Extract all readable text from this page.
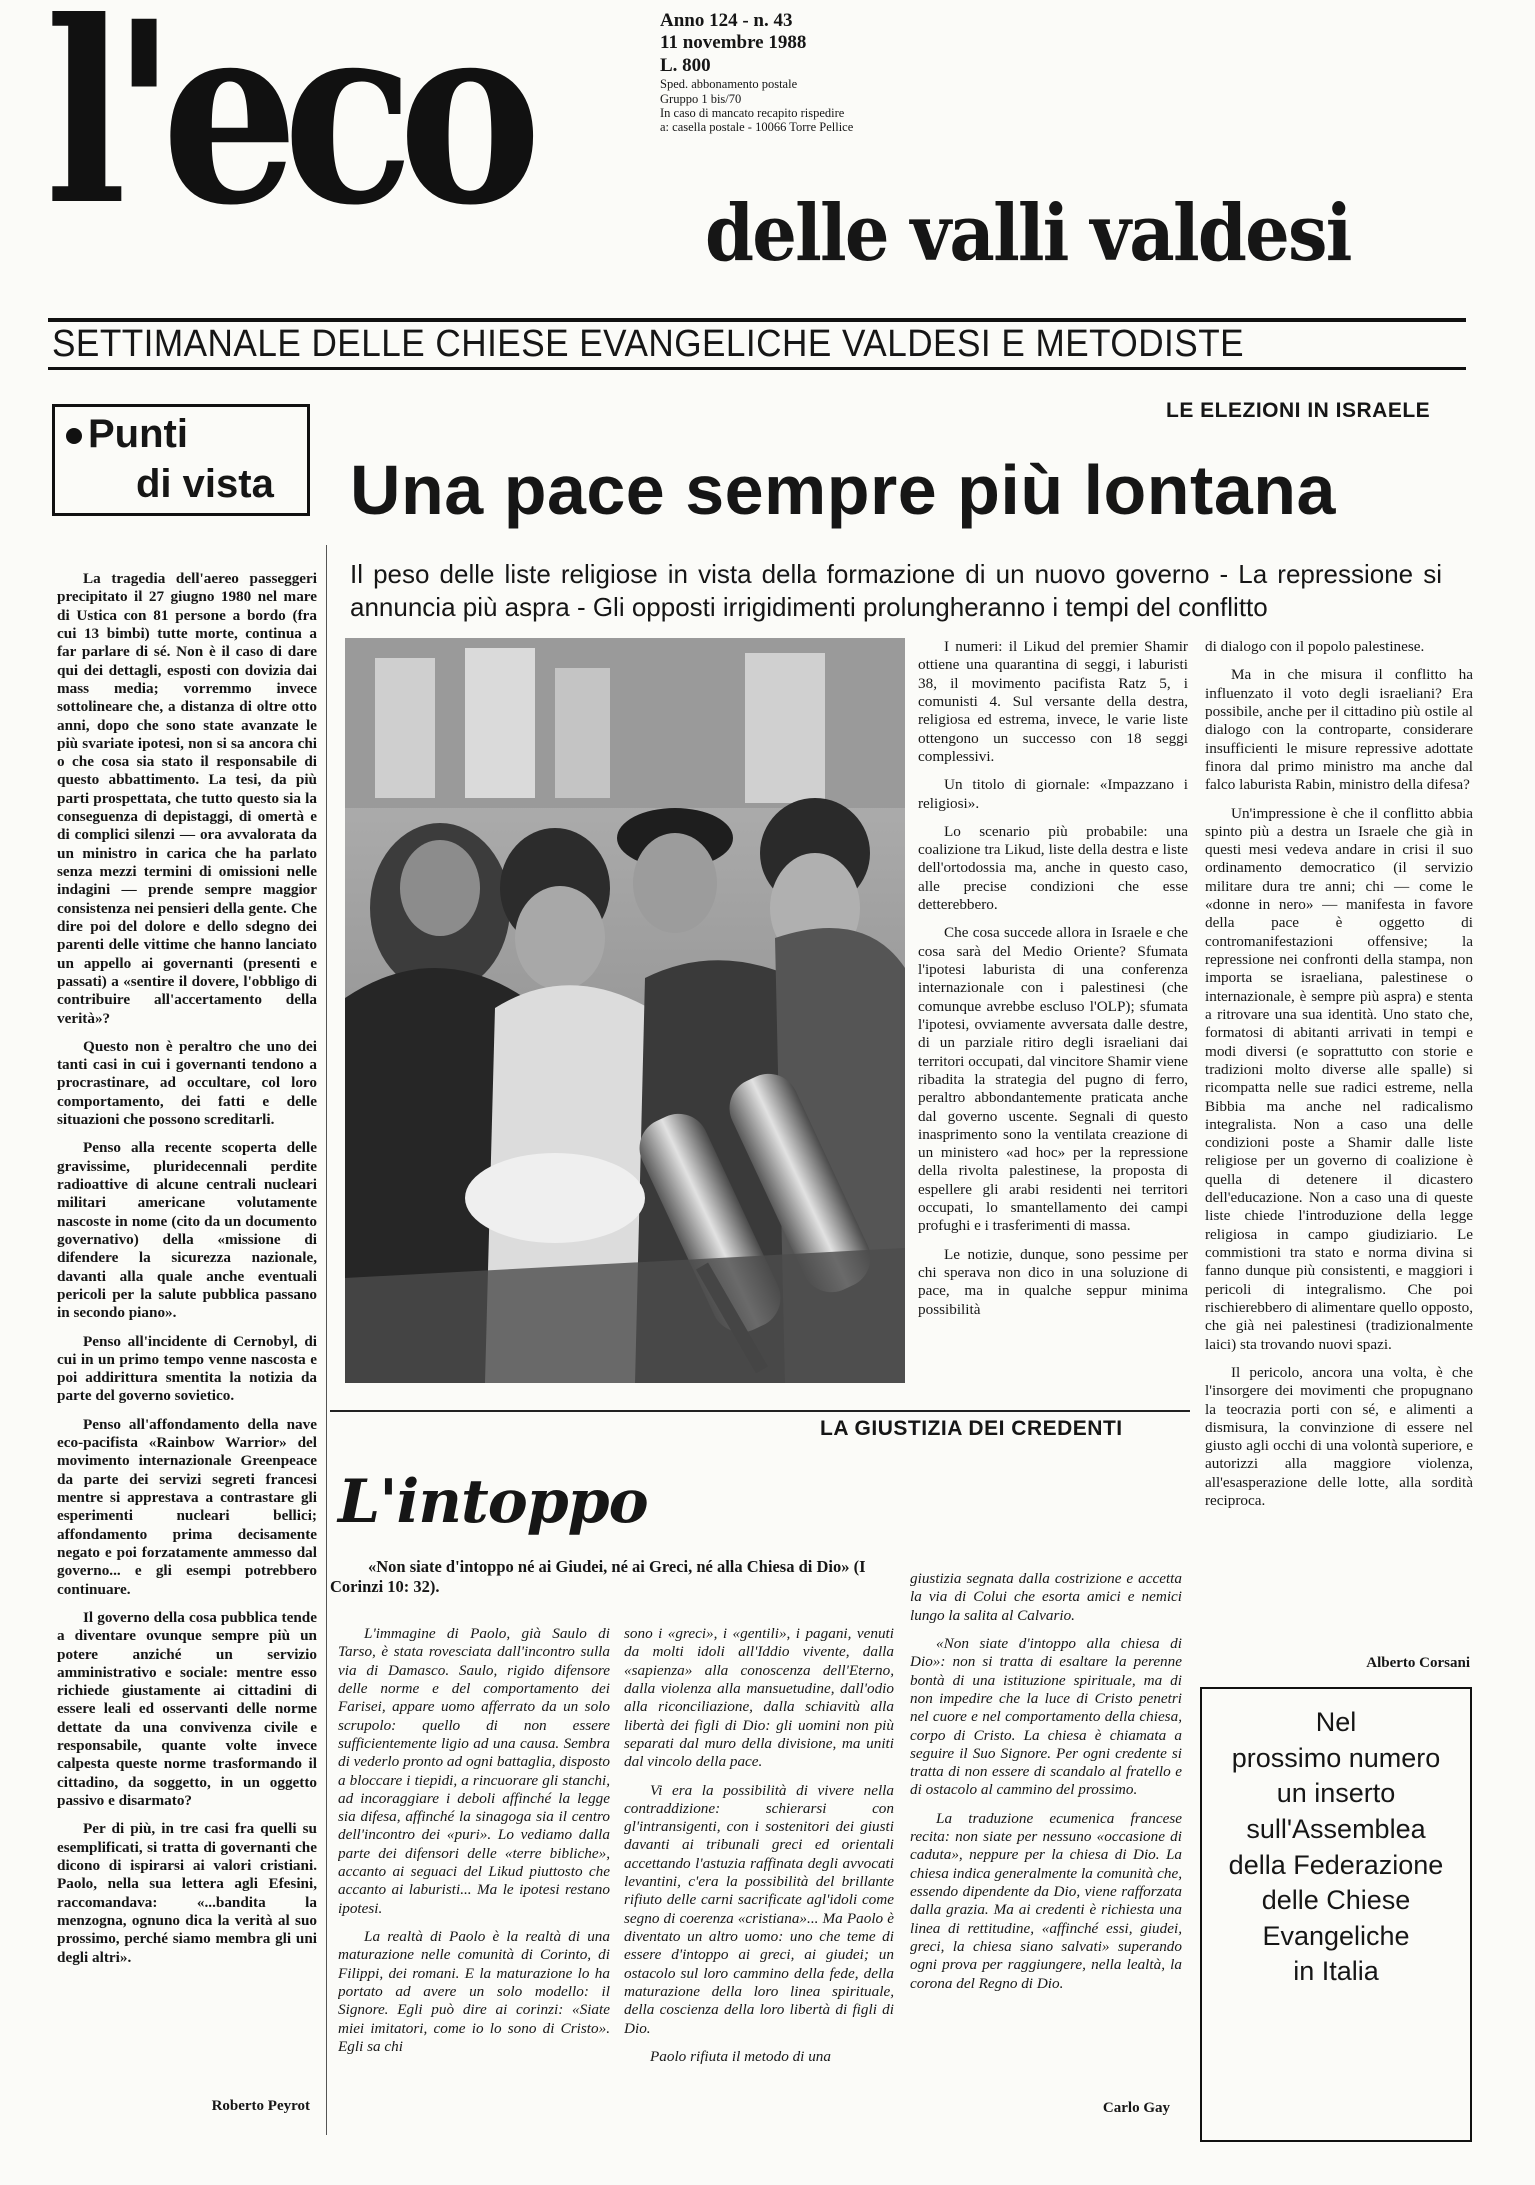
l'eco delle valli valdesi
Anno 124 - n. 43
11 novembre 1988
L. 800
Sped. abbonamento postale
Gruppo 1 bis/70
In caso di mancato recapito rispedire
a: casella postale - 10066 Torre Pellice
SETTIMANALE DELLE CHIESE EVANGELICHE VALDESI E METODISTE
Punti
di vista
LE ELEZIONI IN ISRAELE
Una pace sempre più lontana
Il peso delle liste religiose in vista della formazione di un nuovo governo - La repressione si annuncia più aspra - Gli opposti irrigidimenti prolungheranno i tempi del conflitto

La tragedia dell'aereo passeggeri precipitato il 27 giugno 1980 nel mare di Ustica con 81 persone a bordo (fra cui 13 bimbi) tutte morte, continua a far parlare di sé. Non è il caso di dare qui dei dettagli, esposti con dovizia dai mass media; vorremmo invece sottolineare che, a distanza di oltre otto anni, dopo che sono state avanzate le più svariate ipotesi, non si sa ancora chi o che cosa sia stato il responsabile di questo abbattimento. La tesi, da più parti prospettata, che tutto questo sia la conseguenza di depistaggi, di omertà e di complici silenzi — ora avvalorata da un ministro in carica che ha parlato senza mezzi termini di omissioni nelle indagini — prende sempre maggior consistenza nei pensieri della gente. Che dire poi del dolore e dello sdegno dei parenti delle vittime che hanno lanciato un appello ai governanti (presenti e passati) a «sentire il dovere, l'obbligo di contribuire all'accertamento della verità»?

Questo non è peraltro che uno dei tanti casi in cui i governanti tendono a procrastinare, ad occultare, col loro comportamento, dei fatti e delle situazioni che possono screditarli.

Penso alla recente scoperta delle gravissime, pluridecennali perdite radioattive di alcune centrali nucleari militari americane volutamente nascoste in nome (cito da un documento governativo) della «missione di difendere la sicurezza nazionale, davanti alla quale anche eventuali pericoli per la salute pubblica passano in secondo piano».

Penso all'incidente di Cernobyl, di cui in un primo tempo venne nascosta e poi addirittura smentita la notizia da parte del governo sovietico.

Penso all'affondamento della nave eco-pacifista «Rainbow Warrior» del movimento internazionale Greenpeace da parte dei servizi segreti francesi mentre si apprestava a contrastare gli esperimenti nucleari bellici; affondamento prima decisamente negato e poi forzatamente ammesso dal governo... e gli esempi potrebbero continuare.

Il governo della cosa pubblica tende a diventare ovunque sempre più un potere anziché un servizio amministrativo e sociale: mentre esso richiede giustamente ai cittadini di essere leali ed osservanti delle norme dettate da una convivenza civile e responsabile, quante volte invece calpesta queste norme trasformando il cittadino, da soggetto, in un oggetto passivo e disarmato?

Per di più, in tre casi fra quelli su esemplificati, si tratta di governanti che dicono di ispirarsi ai valori cristiani. Paolo, nella sua lettera agli Efesini, raccomandava: «...bandita la menzogna, ognuno dica la verità al suo prossimo, perché siamo membra gli uni degli altri».

Roberto Peyrot

I numeri: il Likud del premier Shamir ottiene una quarantina di seggi, i laburisti 38, il movimento pacifista Ratz 5, i comunisti 4. Sul versante della destra, religiosa ed estrema, invece, le varie liste ottengono un successo con 18 seggi complessivi.

Un titolo di giornale: «Impazzano i religiosi».

Lo scenario più probabile: una coalizione tra Likud, liste della destra e liste dell'ortodossia ma, anche in questo caso, alle precise condizioni che esse detterebbero.

Che cosa succede allora in Israele e che cosa sarà del Medio Oriente? Sfumata l'ipotesi laburista di una conferenza internazionale con i palestinesi (che comunque avrebbe escluso l'OLP); sfumata l'ipotesi, ovviamente avversata dalle destre, di un parziale ritiro degli israeliani dai territori occupati, dal vincitore Shamir viene ribadita la strategia del pugno di ferro, peraltro abbondantemente praticata anche dal governo uscente. Segnali di questo inasprimento sono la ventilata creazione di un ministero «ad hoc» per la repressione della rivolta palestinese, la proposta di espellere gli arabi residenti nei territori occupati, lo smantellamento dei campi profughi e i trasferimenti di massa.

Le notizie, dunque, sono pessime per chi sperava non dico in una soluzione di pace, ma in qualche seppur minima possibilità

di dialogo con il popolo palestinese.

Ma in che misura il conflitto ha influenzato il voto degli israeliani? Era possibile, anche per il cittadino più ostile al dialogo con la controparte, considerare insufficienti le misure repressive adottate finora dal primo ministro ma anche dal falco laburista Rabin, ministro della difesa?

Un'impressione è che il conflitto abbia spinto più a destra un Israele che già in questi mesi vedeva andare in crisi il suo ordinamento democratico (il servizio militare dura tre anni; chi — come le «donne in nero» — manifesta in favore della pace è oggetto di contromanifestazioni offensive; la repressione nei confronti della stampa, non importa se israeliana, palestinese o internazionale, è sempre più aspra) e stenta a ritrovare una sua identità. Uno stato che, formatosi di abitanti arrivati in tempi e modi diversi (e soprattutto con storie e tradizioni molto diverse alle spalle) si ricompatta nelle sue radici estreme, nella Bibbia ma anche nel radicalismo integralista. Non a caso una delle condizioni poste a Shamir dalle liste religiose per un governo di coalizione è quella di detenere il dicastero dell'educazione. Non a caso una di queste liste chiede l'introduzione della legge religiosa in campo giudiziario. Le commistioni tra stato e norma divina si fanno dunque più consistenti, e maggiori i pericoli di integralismo. Che poi rischierebbero di alimentare quello opposto, che già nei palestinesi (tradizionalmente laici) sta trovando nuovi spazi.

Il pericolo, ancora una volta, è che l'insorgere dei movimenti che propugnano la teocrazia porti con sé, e alimenti a dismisura, la convinzione di essere nel giusto agli occhi di una volontà superiore, e autorizzi alla maggiore violenza, all'esasperazione delle lotte, alla sordità reciproca.

Alberto Corsani
LA GIUSTIZIA DEI CREDENTI
L'intoppo
«Non siate d'intoppo né ai Giudei, né ai Greci, né alla Chiesa di Dio» (I Corinzi 10: 32).

L'immagine di Paolo, già Saulo di Tarso, è stata rovesciata dall'incontro sulla via di Damasco. Saulo, rigido difensore delle norme e del comportamento dei Farisei, appare uomo afferrato da un solo scrupolo: quello di non essere sufficientemente ligio ad una causa. Sembra di vederlo pronto ad ogni battaglia, disposto a bloccare i tiepidi, a rincuorare gli stanchi, ad incoraggiare i deboli affinché la legge sia difesa, affinché la sinagoga sia il centro dell'incontro dei «puri». Lo vediamo dalla parte dei difensori delle «terre bibliche», accanto ai seguaci del Likud piuttosto che accanto ai laburisti... Ma le ipotesi restano ipotesi.

La realtà di Paolo è la realtà di una maturazione nelle comunità di Corinto, di Filippi, dei romani. E la maturazione lo ha portato ad avere un solo modello: il Signore. Egli può dire ai corinzi: «Siate miei imitatori, come io lo sono di Cristo». Egli sa chi

sono i «greci», i «gentili», i pagani, venuti da molti idoli all'Iddio vivente, dalla «sapienza» alla conoscenza dell'Eterno, dalla violenza alla mansuetudine, dall'odio alla riconciliazione, dalla schiavitù alla libertà dei figli di Dio: gli uomini non più separati dal muro della divisione, ma uniti dal vincolo della pace.

Vi era la possibilità di vivere nella contraddizione: schierarsi con gl'intransigenti, con i sostenitori dei giusti davanti ai tribunali greci ed orientali accettando l'astuzia raffinata degli avvocati levantini, c'era la possibilità del brillante rifiuto delle carni sacrificate agl'idoli come segno di coerenza «cristiana»... Ma Paolo è diventato un altro uomo: uno che teme di essere d'intoppo ai greci, ai giudei; un ostacolo sul loro cammino della fede, della maturazione della loro linea spirituale, della coscienza della loro libertà di figli di Dio.

Paolo rifiuta il metodo di una

giustizia segnata dalla costrizione e accetta la via di Colui che esorta amici e nemici lungo la salita al Calvario.

«Non siate d'intoppo alla chiesa di Dio»: non si tratta di esaltare la perenne bontà di una istituzione spirituale, ma di non impedire che la luce di Cristo penetri nel cuore e nel comportamento della chiesa, corpo di Cristo. La chiesa è chiamata a seguire il Suo Signore. Per ogni credente si tratta di non essere di scandalo al fratello e di ostacolo al cammino del prossimo.

La traduzione ecumenica francese recita: non siate per nessuno «occasione di caduta», neppure per la chiesa di Dio. La chiesa indica generalmente la comunità che, essendo dipendente da Dio, viene rafforzata dalla grazia. Ma ai credenti è richiesta una linea di rettitudine, «affinché essi, giudei, greci, la chiesa siano salvati» superando ogni prova per raggiungere, nella lealtà, la corona del Regno di Dio.

Carlo Gay
Nel
prossimo numero
un inserto
sull'Assemblea
della Federazione
delle Chiese
Evangeliche
in Italia
